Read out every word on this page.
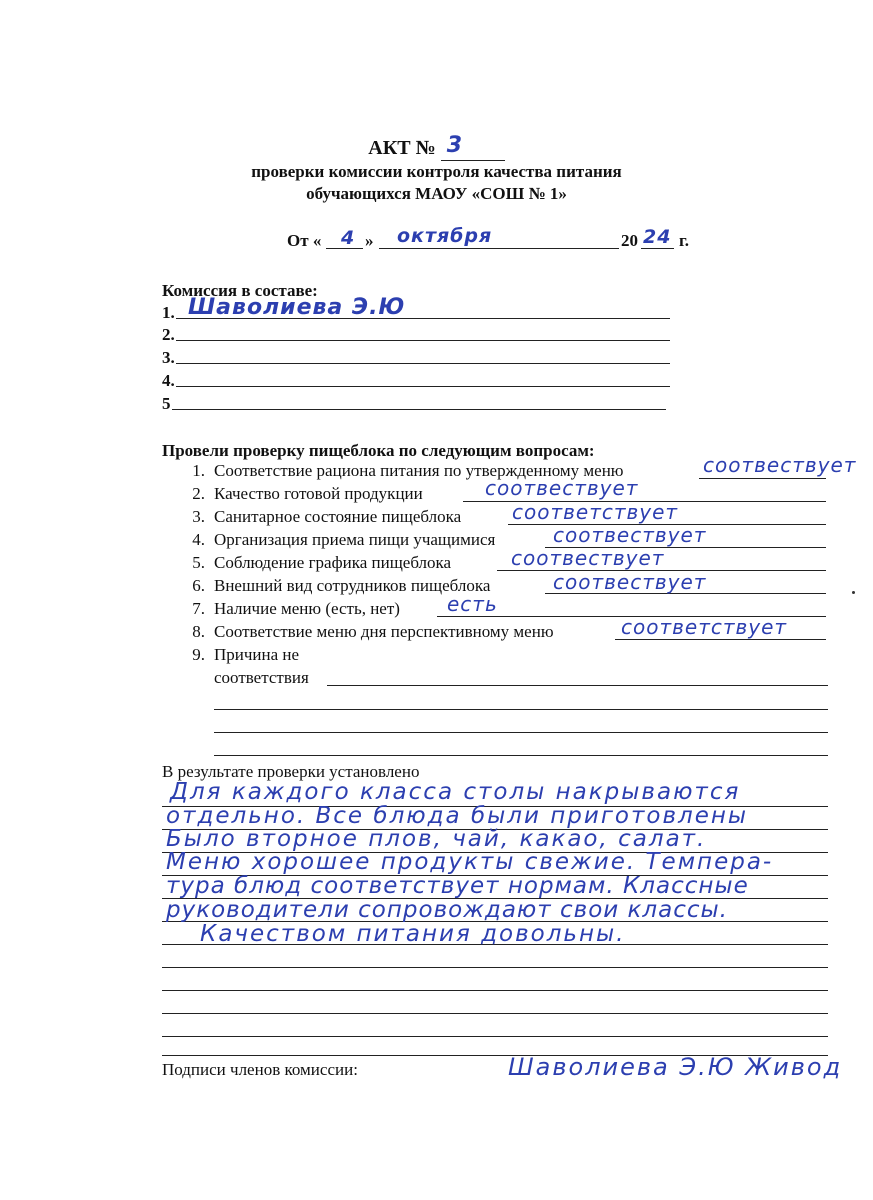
АКТ № 3
проверки комиссии контроля качества питания
обучающихся МАОУ «СОШ № 1»
От « 4 » октября	20 24 г.
Комиссия в составе:
1. Шаволиева Э.Ю
2.
3.
4.
5
Провели проверку пищеблока по следующим вопросам:
1. Соответствие рациона питания по утвержденному меню	соотвествует
2. Качество готовой продукции	соотвествует
3. Санитарное состояние пищеблока	соответствует
4. Организация приема пищи учащимися	соотвествует
5. Соблюдение графика пищеблока	соотвествует
6. Внешний вид сотрудников пищеблока	соотвествует
7. Наличие меню (есть, нет) есть
8. Соответствие меню дня перспективному меню	соответствует
9. Причина не
соответствия
В результате проверки установлено
Для каждого класса столы накрываются
отдельно. Все блюда были приготовлены
Было вторное плов, чай, какао, салат.
Меню хорошее продукты свежие. Темпера-
тура блюд соответствует нормам. Классные
руководители сопровождают свои классы.
Качеством питания довольны.
Подписи членов комиссии:	Шаволиева Э.Ю Живод
